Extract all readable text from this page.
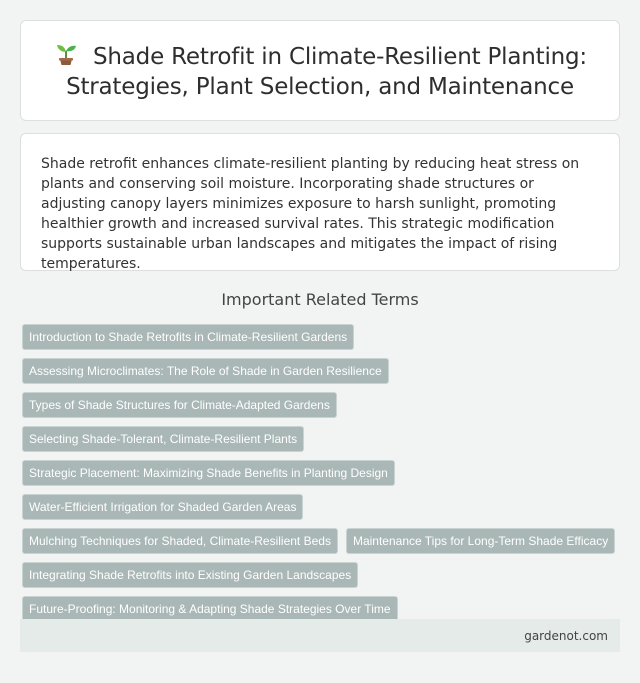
Shade Retrofit in Climate-Resilient Planting: Strategies, Plant Selection, and Maintenance

Shade retrofit enhances climate-resilient planting by reducing heat stress on plants and conserving soil moisture. Incorporating shade structures or adjusting canopy layers minimizes exposure to harsh sunlight, promoting healthier growth and increased survival rates. This strategic modification supports sustainable urban landscapes and mitigates the impact of rising temperatures.

Important Related Terms
Introduction to Shade Retrofits in Climate-Resilient Gardens
Assessing Microclimates: The Role of Shade in Garden Resilience
Types of Shade Structures for Climate-Adapted Gardens
Selecting Shade-Tolerant, Climate-Resilient Plants
Strategic Placement: Maximizing Shade Benefits in Planting Design
Water-Efficient Irrigation for Shaded Garden Areas
Mulching Techniques for Shaded, Climate-Resilient Beds	Maintenance Tips for Long-Term Shade Efficacy
Integrating Shade Retrofits into Existing Garden Landscapes
Future-Proofing: Monitoring & Adapting Shade Strategies Over Time
gardenot.com
